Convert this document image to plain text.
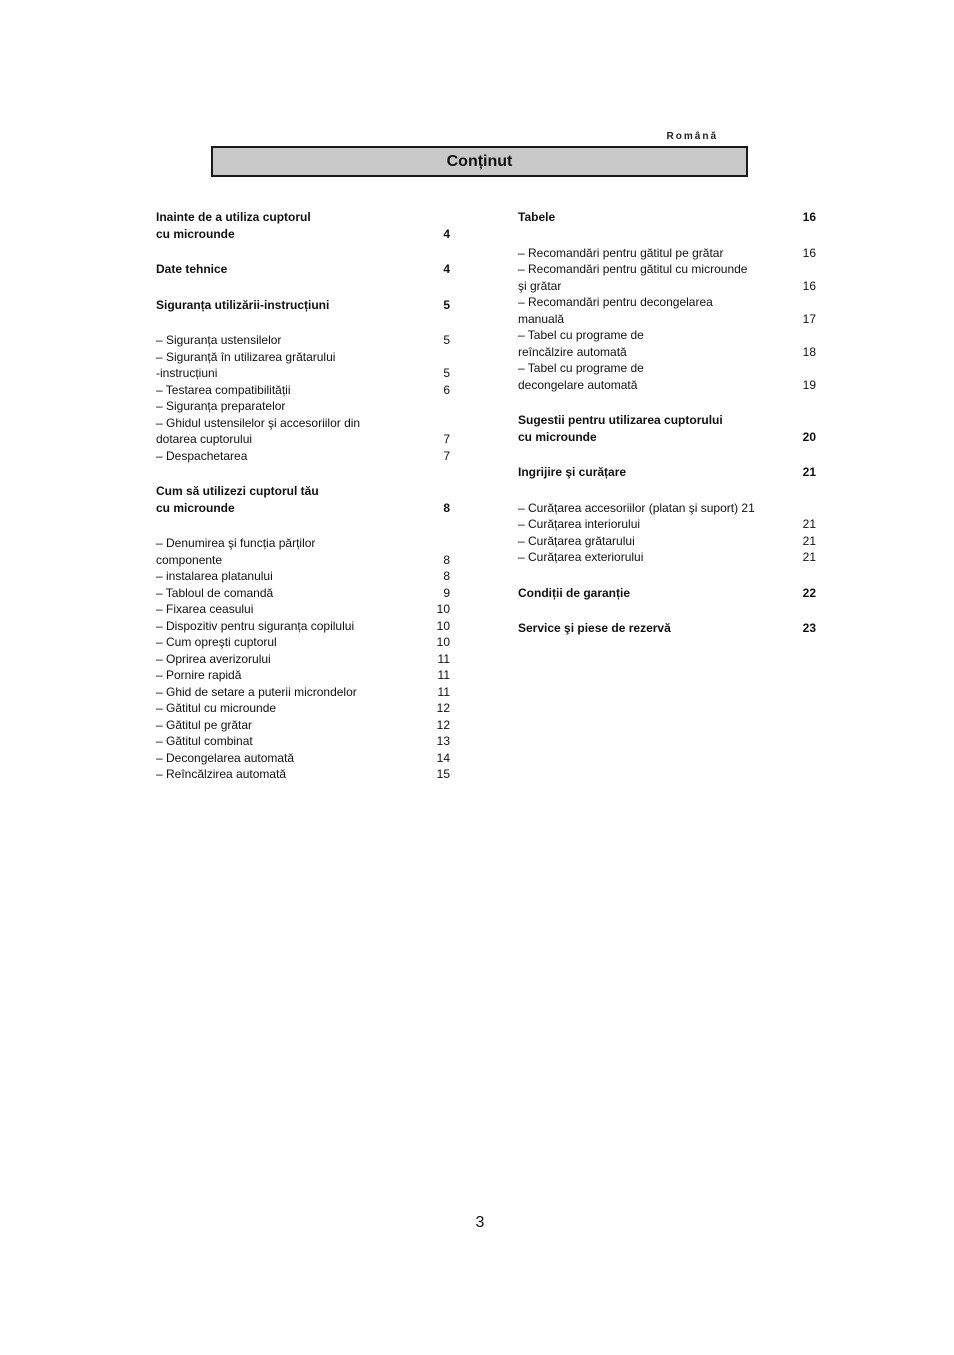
Română
Conținut
Inainte de a utiliza cuptorul
cu microunde	4
Date tehnice	4
Siguranța utilizării-instrucțiuni	5
– Siguranța ustensilelor	5
– Siguranță în utilizarea grătarului
-instrucțiuni	5
– Testarea compatibilității	6
– Siguranța preparatelor
– Ghidul ustensilelor şi accesoriilor din
dotarea cuptorului	7
– Despachetarea	7
Cum să utilizezi cuptorul tău
cu microunde	8
– Denumirea şi funcția părților
componente	8
– instalarea platanului	8
– Tabloul de comandă	9
– Fixarea ceasului	10
– Dispozitiv pentru siguranța copilului	10
– Cum opreşti cuptorul	10
– Oprirea averizorului	11
– Pornire rapidă	11
– Ghid de setare a puterii microndelor	11
– Gătitul cu microunde	12
– Gătitul pe grătar	12
– Gătitul combinat	13
– Decongelarea automată	14
– Reîncălzirea automată	15
Tabele	16
– Recomandări pentru gătitul pe grătar	16
– Recomandări pentru gătitul cu microunde
şi grătar	16
– Recomandări pentru decongelarea
manuală	17
– Tabel cu programe de
reîncălzire automată	18
– Tabel cu programe de
decongelare automată	19
Sugestii pentru utilizarea cuptorului
cu microunde	20
Ingrijire şi curățare	21
– Curățarea accesoriilor (platan şi suport) 21
– Curățarea interiorului	21
– Curățarea grătarului	21
– Curățarea exteriorului	21
Condiții de garanție	22
Service şi piese de rezervă	23
3
